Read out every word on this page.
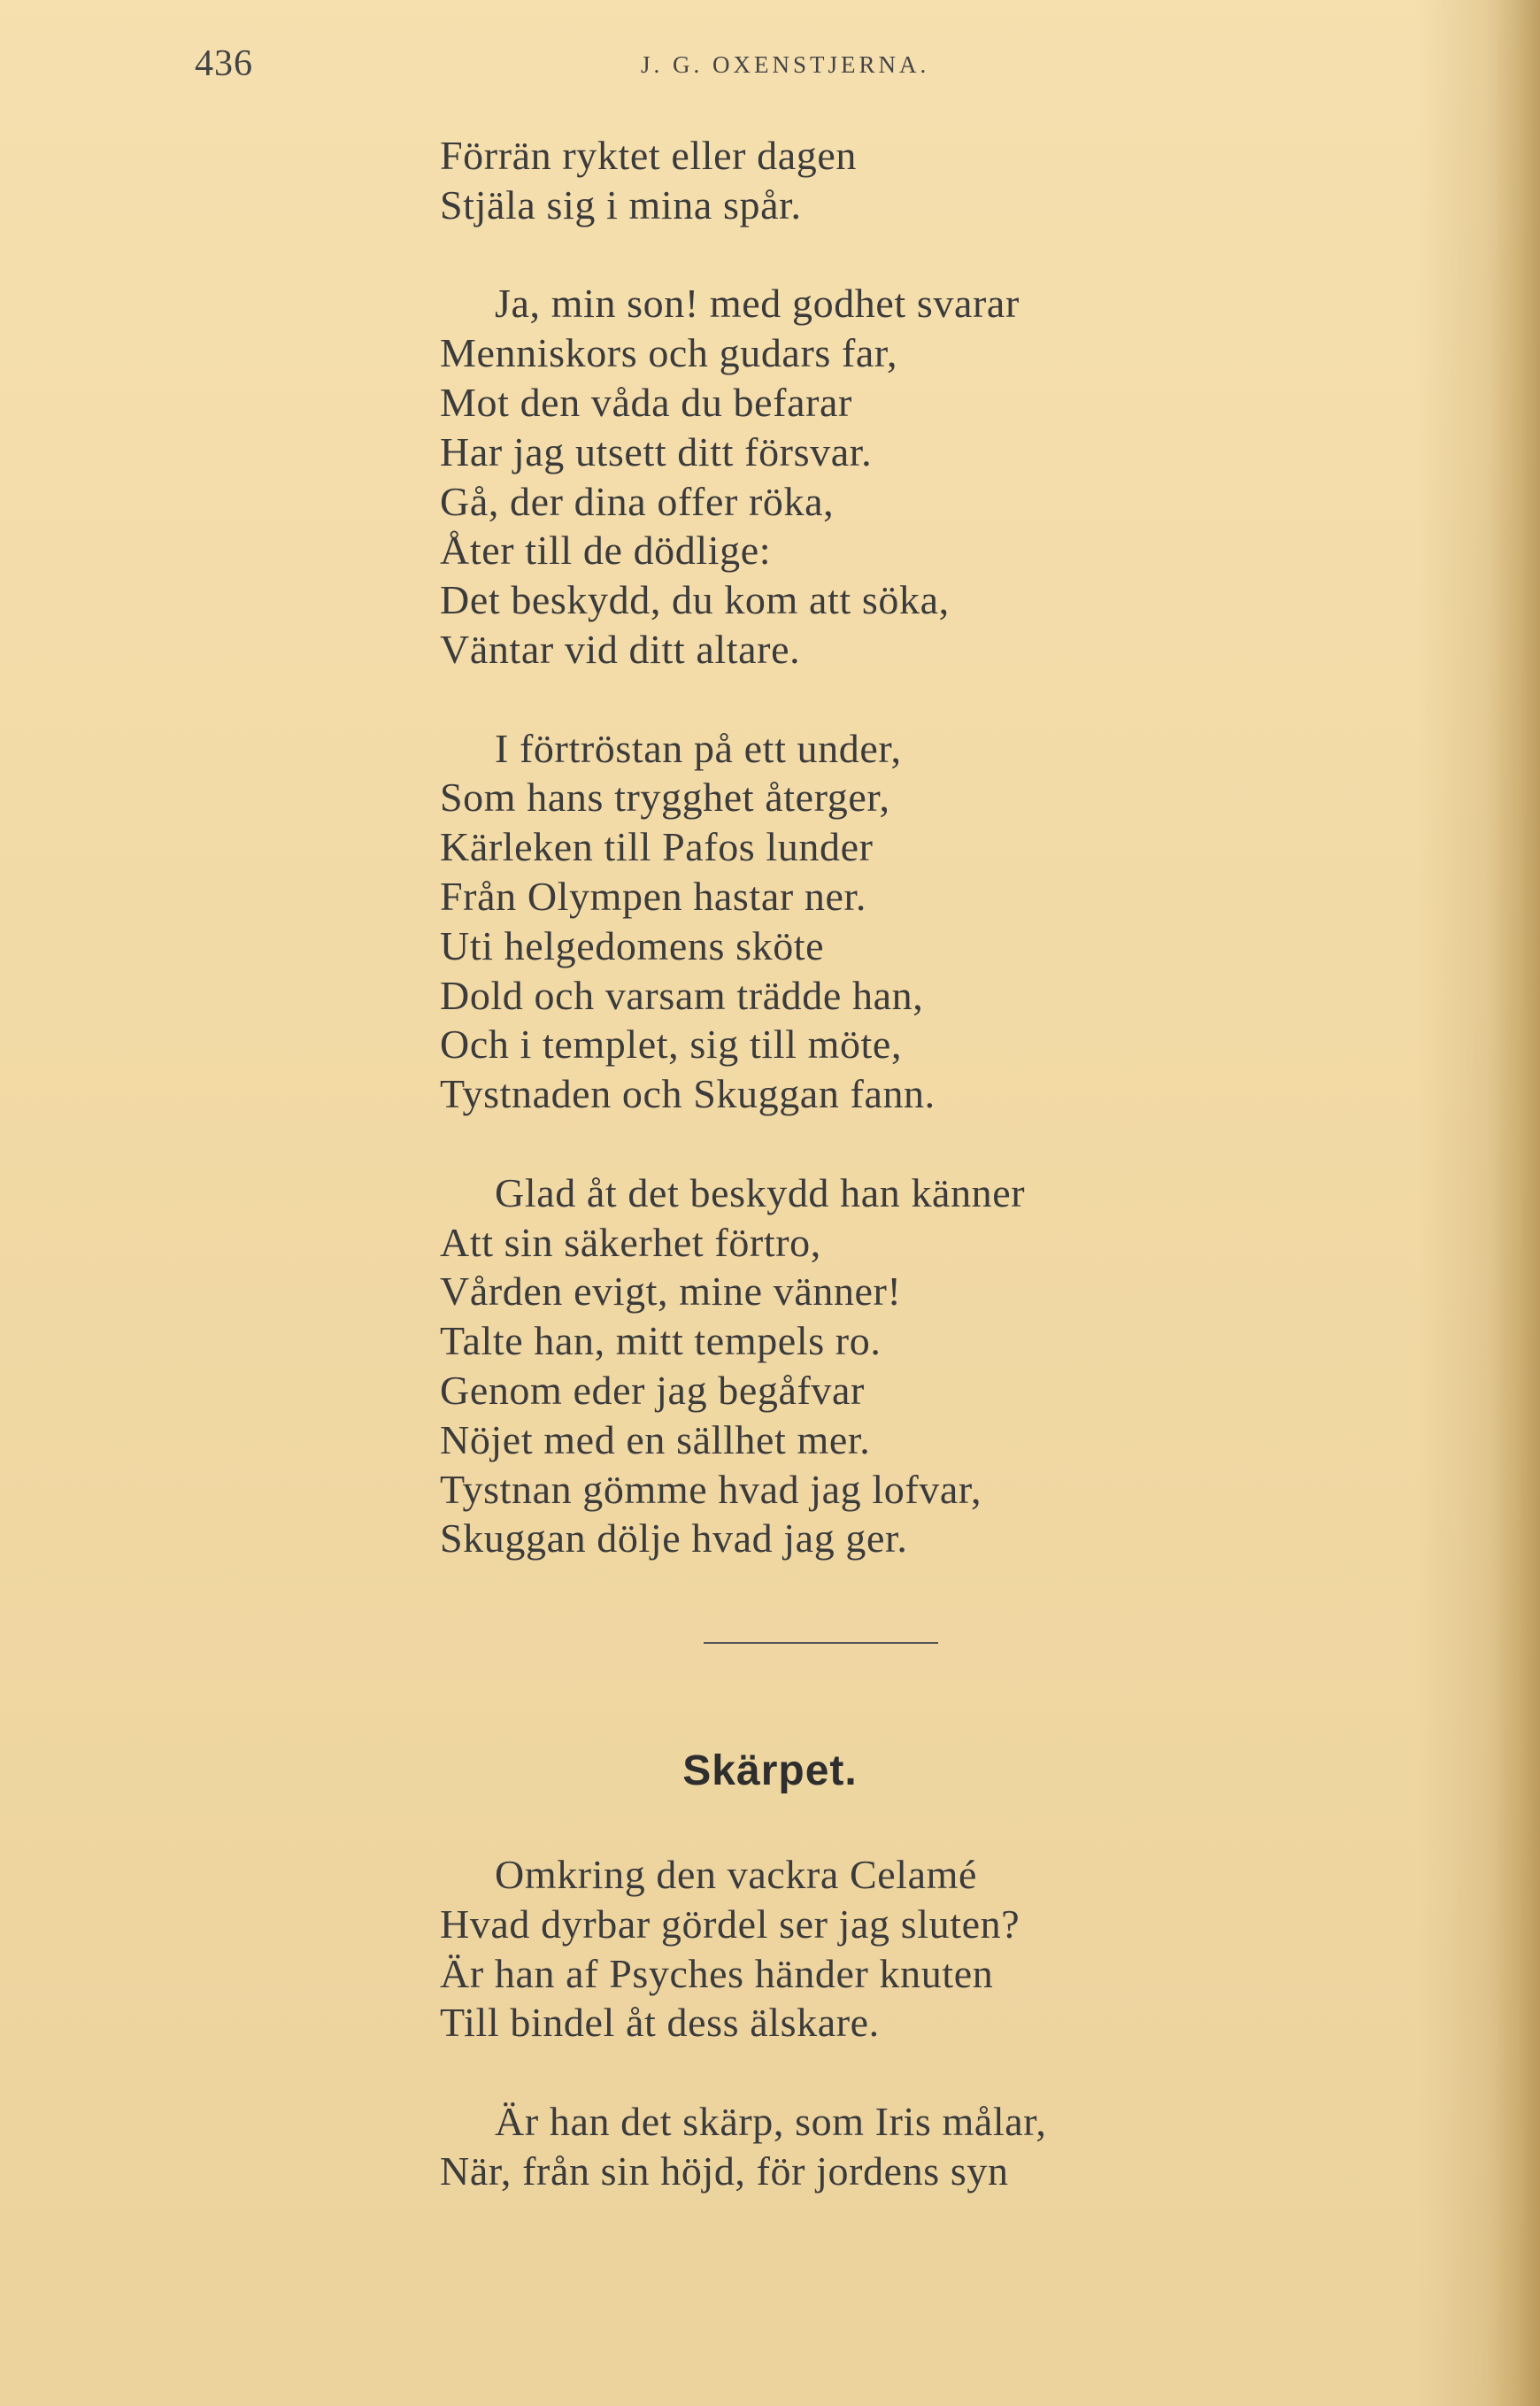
436	J. G. OXENSTJERNA.
Förrän ryktet eller dagen
Stjäla sig i mina spår.
Ja, min son! med godhet svarar
Menniskors och gudars far,
Mot den våda du befarar
Har jag utsett ditt försvar.
Gå, der dina offer röka,
Åter till de dödlige:
Det beskydd, du kom att söka,
Väntar vid ditt altare.
I förtröstan på ett under,
Som hans trygghet återger,
Kärleken till Pafos lunder
Från Olympen hastar ner.
Uti helgedomens sköte
Dold och varsam trädde han,
Och i templet, sig till möte,
Tystnaden och Skuggan fann.
Glad åt det beskydd han känner
Att sin säkerhet förtro,
Vården evigt, mine vänner!
Talte han, mitt tempels ro.
Genom eder jag begåfvar
Nöjet med en sällhet mer.
Tystnan gömme hvad jag lofvar,
Skuggan dölje hvad jag ger.
Skärpet.
Omkring den vackra Celamé
Hvad dyrbar gördel ser jag sluten?
Är han af Psyches händer knuten
Till bindel åt dess älskare.
Är han det skärp, som Iris målar,
När, från sin höjd, för jordens syn
